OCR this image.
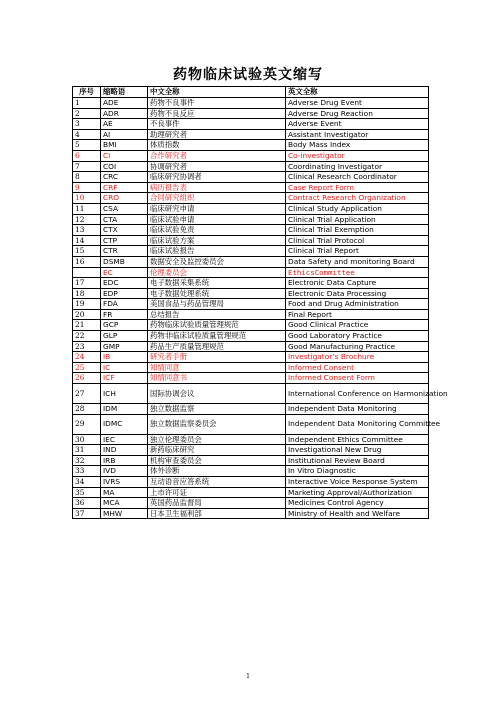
药物临床试验英文缩写
序号	缩略语	中文全称	英文全称
1	ADE	药物不良事件	Adverse Drug Event
2	ADR	药物不良反应	Adverse Drug Reaction
3	AE	不良事件	Adverse Event
4	AI	助理研究者	Assistant Investigator
5	BMI	体质指数	Body Mass Index
6	CI	合作研究者	Co-investigator
7	COI	协调研究者	Coordinating Investigator
8	CRC	临床研究协调者	Clinical Research Coordinator
9	CRF	病历报告表	Case Report Form
10	CRO	合同研究组织	Contract Research Organization
11	CSA	临床研究申请	Clinical Study Application
12	CTA	临床试验申请	Clinical Trial Application
13	CTX	临床试验免责	Clinical Trial Exemption
14	CTP	临床试验方案	Clinical Trial Protocol
15	CTR	临床试验报告	Clinical Trial Report
16	DSMB	数据安全及监控委员会	Data Safety and monitoring Board
	EC	伦理委员会	EthicsCommittee
17	EDC	电子数据采集系统	Electronic Data Capture
18	EDP	电子数据处理系统	Electronic Data Processing
19	FDA	美国食品与药品管理局	Food and Drug Administration
20	FR	总结报告	Final Report
21	GCP	药物临床试验质量管理规范	Good Clinical Practice
22	GLP	药物非临床试验质量管理规范	Good Laboratory Practice
23	GMP	药品生产质量管理规范	Good Manufacturing Practice
24	IB	研究者手册	Investigator’s Brochure
25	IC	知情同意	Informed Consent
26	ICF	知情同意书	Informed Consent Form
27	ICH	国际协调会议	International Conference on Harmonization
28	IDM	独立数据监察	Independent Data Monitoring
29	IDMC	独立数据监察委员会	Independent Data Monitoring Committee
30	IEC	独立伦理委员会	Independent Ethics Committee
31	IND	新药临床研究	Investigational New Drug
32	IRB	机构审查委员会	Institutional Review Board
33	IVD	体外诊断	In Vitro Diagnostic
34	IVRS	互动语音应答系统	Interactive Voice Response System
35	MA	上市许可证	Marketing Approval/Authorization
36	MCA	英国药品监督局	Medicines Control Agency
37	MHW	日本卫生福利部	Ministry of Health and Welfare
1
